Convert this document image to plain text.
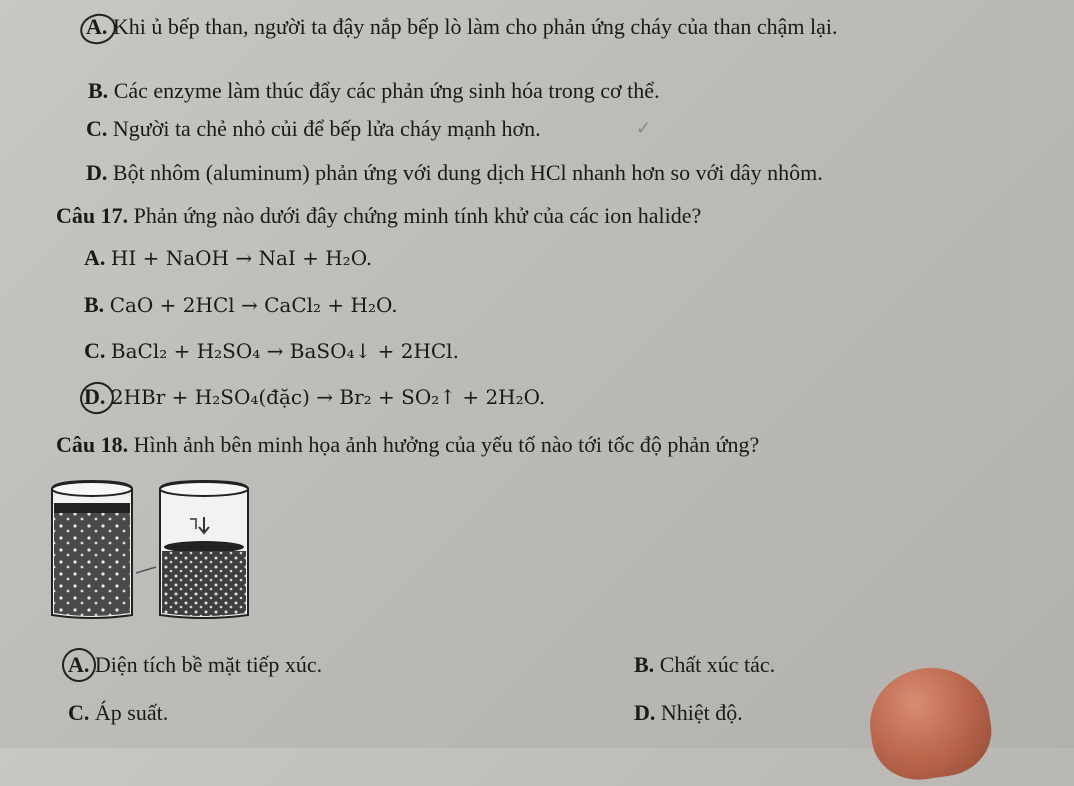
A. Khi ủ bếp than, người ta đậy nắp bếp lò làm cho phản ứng cháy của than chậm lại.
B. Các enzyme làm thúc đẩy các phản ứng sinh hóa trong cơ thể.
C. Người ta chẻ nhỏ củi để bếp lửa cháy mạnh hơn.	✓
D. Bột nhôm (aluminum) phản ứng với dung dịch HCl nhanh hơn so với dây nhôm.
Câu 17. Phản ứng nào dưới đây chứng minh tính khử của các ion halide?
A. HI + NaOH → NaI + H₂O.
B. CaO + 2HCl → CaCl₂ + H₂O.
C. BaCl₂ + H₂SO₄ → BaSO₄↓ + 2HCl.
D. 2HBr + H₂SO₄(đặc) → Br₂ + SO₂↑ + 2H₂O.
Câu 18. Hình ảnh bên minh họa ảnh hưởng của yếu tố nào tới tốc độ phản ứng?
A. Diện tích bề mặt tiếp xúc.	B. Chất xúc tác.
C. Áp suất.	D. Nhiệt độ.
